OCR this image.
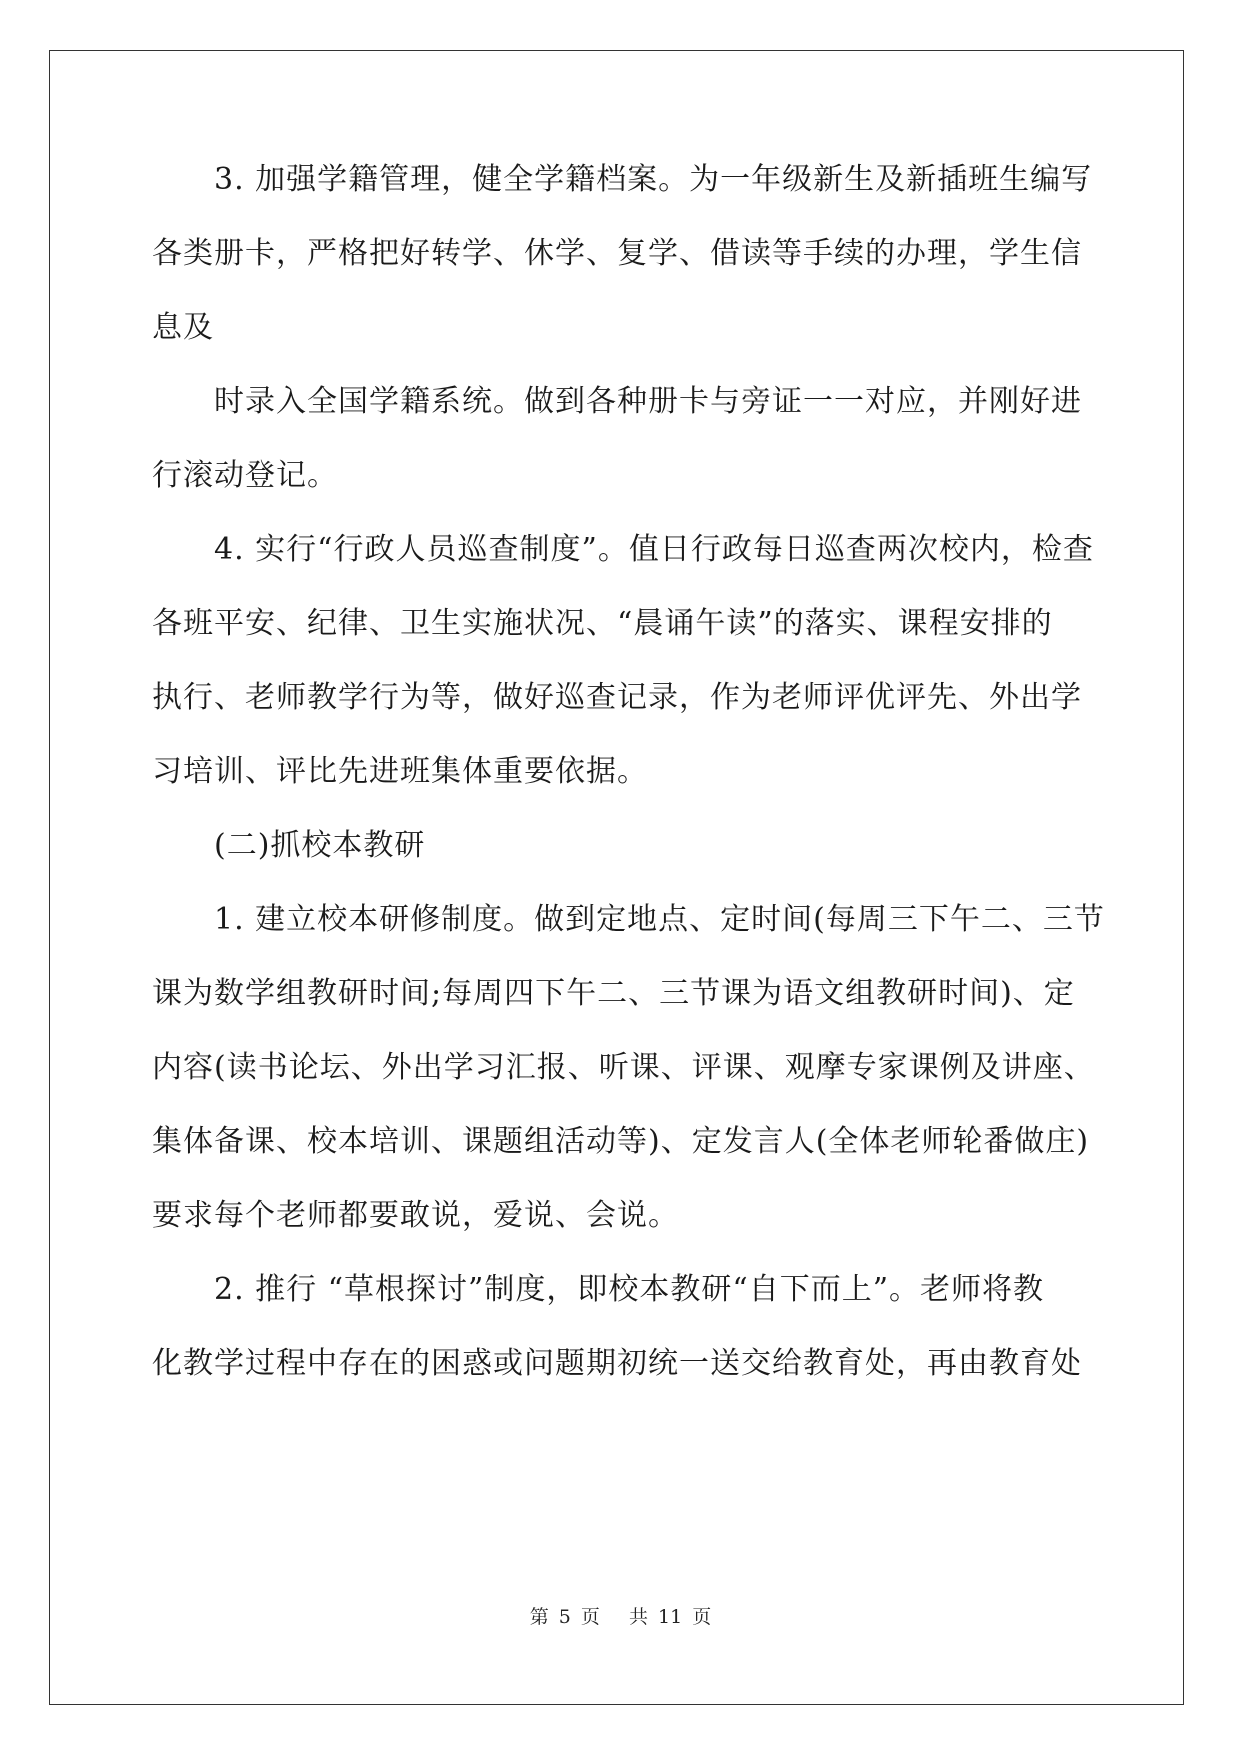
　　3. 加强学籍管理，健全学籍档案。为一年级新生及新插班生编写
各类册卡，严格把好转学、休学、复学、借读等手续的办理，学生信
息及
　　时录入全国学籍系统。做到各种册卡与旁证一一对应，并刚好进
行滚动登记。
　　4. 实行“行政人员巡查制度”。值日行政每日巡查两次校内，检查
各班平安、纪律、卫生实施状况、“晨诵午读”的落实、课程安排的
执行、老师教学行为等，做好巡查记录，作为老师评优评先、外出学
习培训、评比先进班集体重要依据。
　　(二)抓校本教研
　　1. 建立校本研修制度。做到定地点、定时间(每周三下午二、三节
课为数学组教研时间;每周四下午二、三节课为语文组教研时间)、定
内容(读书论坛、外出学习汇报、听课、评课、观摩专家课例及讲座、
集体备课、校本培训、课题组活动等)、定发言人(全体老师轮番做庄)
要求每个老师都要敢说，爱说、会说。
　　2. 推行 “草根探讨”制度，即校本教研“自下而上”。老师将教
化教学过程中存在的困惑或问题期初统一送交给教育处，再由教育处
第 5 页　 共 11 页
